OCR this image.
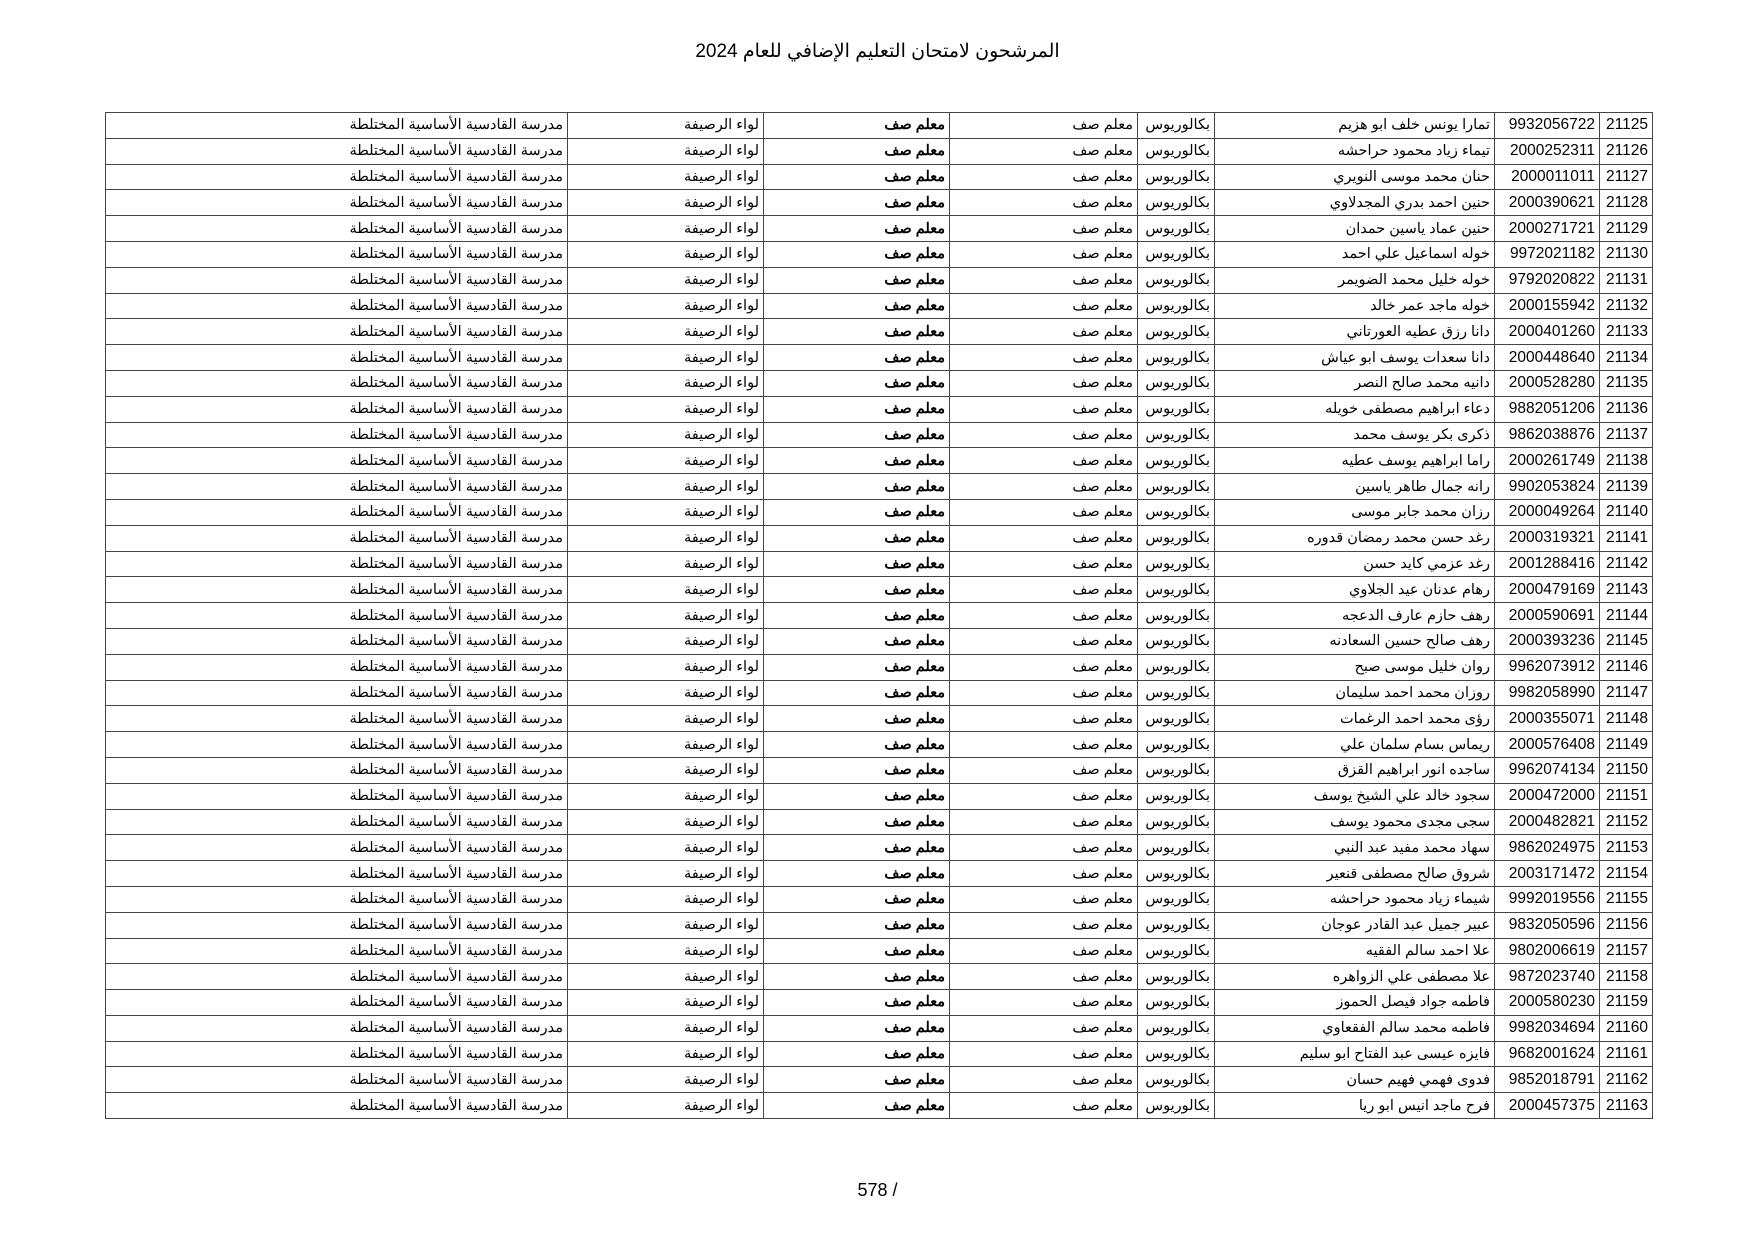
المرشحون لامتحان التعليم الإضافي للعام 2024
21125	9932056722	تمارا يونس خلف ابو هزيم	بكالوريوس	معلم صف	معلم صف	لواء الرصيفة	مدرسة القادسية الأساسية المختلطة
21126	2000252311	تيماء زياد محمود حراحشه	بكالوريوس	معلم صف	معلم صف	لواء الرصيفة	مدرسة القادسية الأساسية المختلطة
21127	2000011011	حنان محمد موسى النويري	بكالوريوس	معلم صف	معلم صف	لواء الرصيفة	مدرسة القادسية الأساسية المختلطة
21128	2000390621	حنين احمد بدري المجدلاوي	بكالوريوس	معلم صف	معلم صف	لواء الرصيفة	مدرسة القادسية الأساسية المختلطة
21129	2000271721	حنين عماد ياسين حمدان	بكالوريوس	معلم صف	معلم صف	لواء الرصيفة	مدرسة القادسية الأساسية المختلطة
21130	9972021182	خوله اسماعيل علي احمد	بكالوريوس	معلم صف	معلم صف	لواء الرصيفة	مدرسة القادسية الأساسية المختلطة
21131	9792020822	خوله خليل محمد الضويمر	بكالوريوس	معلم صف	معلم صف	لواء الرصيفة	مدرسة القادسية الأساسية المختلطة
21132	2000155942	خوله ماجد عمر خالد	بكالوريوس	معلم صف	معلم صف	لواء الرصيفة	مدرسة القادسية الأساسية المختلطة
21133	2000401260	دانا رزق عطيه العورتاني	بكالوريوس	معلم صف	معلم صف	لواء الرصيفة	مدرسة القادسية الأساسية المختلطة
21134	2000448640	دانا سعدات يوسف ابو عياش	بكالوريوس	معلم صف	معلم صف	لواء الرصيفة	مدرسة القادسية الأساسية المختلطة
21135	2000528280	دانيه محمد صالح النصر	بكالوريوس	معلم صف	معلم صف	لواء الرصيفة	مدرسة القادسية الأساسية المختلطة
21136	9882051206	دعاء ابراهيم مصطفى خويله	بكالوريوس	معلم صف	معلم صف	لواء الرصيفة	مدرسة القادسية الأساسية المختلطة
21137	9862038876	ذكرى بكر يوسف محمد	بكالوريوس	معلم صف	معلم صف	لواء الرصيفة	مدرسة القادسية الأساسية المختلطة
21138	2000261749	راما ابراهيم يوسف عطيه	بكالوريوس	معلم صف	معلم صف	لواء الرصيفة	مدرسة القادسية الأساسية المختلطة
21139	9902053824	رانه جمال طاهر ياسين	بكالوريوس	معلم صف	معلم صف	لواء الرصيفة	مدرسة القادسية الأساسية المختلطة
21140	2000049264	رزان محمد جابر موسى	بكالوريوس	معلم صف	معلم صف	لواء الرصيفة	مدرسة القادسية الأساسية المختلطة
21141	2000319321	رغد حسن محمد رمضان قدوره	بكالوريوس	معلم صف	معلم صف	لواء الرصيفة	مدرسة القادسية الأساسية المختلطة
21142	2001288416	رغد عزمي كايد حسن	بكالوريوس	معلم صف	معلم صف	لواء الرصيفة	مدرسة القادسية الأساسية المختلطة
21143	2000479169	رهام عدنان عيد الجلاوي	بكالوريوس	معلم صف	معلم صف	لواء الرصيفة	مدرسة القادسية الأساسية المختلطة
21144	2000590691	رهف حازم عارف الدعجه	بكالوريوس	معلم صف	معلم صف	لواء الرصيفة	مدرسة القادسية الأساسية المختلطة
21145	2000393236	رهف صالح حسين السعادنه	بكالوريوس	معلم صف	معلم صف	لواء الرصيفة	مدرسة القادسية الأساسية المختلطة
21146	9962073912	روان خليل موسى صبح	بكالوريوس	معلم صف	معلم صف	لواء الرصيفة	مدرسة القادسية الأساسية المختلطة
21147	9982058990	روزان محمد احمد سليمان	بكالوريوس	معلم صف	معلم صف	لواء الرصيفة	مدرسة القادسية الأساسية المختلطة
21148	2000355071	رؤى محمد احمد الرغمات	بكالوريوس	معلم صف	معلم صف	لواء الرصيفة	مدرسة القادسية الأساسية المختلطة
21149	2000576408	ريماس بسام سلمان علي	بكالوريوس	معلم صف	معلم صف	لواء الرصيفة	مدرسة القادسية الأساسية المختلطة
21150	9962074134	ساجده انور ابراهيم القزق	بكالوريوس	معلم صف	معلم صف	لواء الرصيفة	مدرسة القادسية الأساسية المختلطة
21151	2000472000	سجود خالد علي الشيخ يوسف	بكالوريوس	معلم صف	معلم صف	لواء الرصيفة	مدرسة القادسية الأساسية المختلطة
21152	2000482821	سجى مجدى محمود يوسف	بكالوريوس	معلم صف	معلم صف	لواء الرصيفة	مدرسة القادسية الأساسية المختلطة
21153	9862024975	سهاد محمد مفيد عبد النبي	بكالوريوس	معلم صف	معلم صف	لواء الرصيفة	مدرسة القادسية الأساسية المختلطة
21154	2003171472	شروق صالح مصطفى قنعير	بكالوريوس	معلم صف	معلم صف	لواء الرصيفة	مدرسة القادسية الأساسية المختلطة
21155	9992019556	شيماء زياد محمود حراحشه	بكالوريوس	معلم صف	معلم صف	لواء الرصيفة	مدرسة القادسية الأساسية المختلطة
21156	9832050596	عبير جميل عبد القادر عوجان	بكالوريوس	معلم صف	معلم صف	لواء الرصيفة	مدرسة القادسية الأساسية المختلطة
21157	9802006619	علا احمد سالم الفقيه	بكالوريوس	معلم صف	معلم صف	لواء الرصيفة	مدرسة القادسية الأساسية المختلطة
21158	9872023740	علا مصطفى علي الزواهره	بكالوريوس	معلم صف	معلم صف	لواء الرصيفة	مدرسة القادسية الأساسية المختلطة
21159	2000580230	فاطمه جواد فيصل الحموز	بكالوريوس	معلم صف	معلم صف	لواء الرصيفة	مدرسة القادسية الأساسية المختلطة
21160	9982034694	فاطمه محمد سالم الفقعاوي	بكالوريوس	معلم صف	معلم صف	لواء الرصيفة	مدرسة القادسية الأساسية المختلطة
21161	9682001624	فايزه عيسى عبد الفتاح ابو سليم	بكالوريوس	معلم صف	معلم صف	لواء الرصيفة	مدرسة القادسية الأساسية المختلطة
21162	9852018791	فدوى فهمي فهيم حسان	بكالوريوس	معلم صف	معلم صف	لواء الرصيفة	مدرسة القادسية الأساسية المختلطة
21163	2000457375	فرح ماجد انيس ابو ريا	بكالوريوس	معلم صف	معلم صف	لواء الرصيفة	مدرسة القادسية الأساسية المختلطة
578 /
